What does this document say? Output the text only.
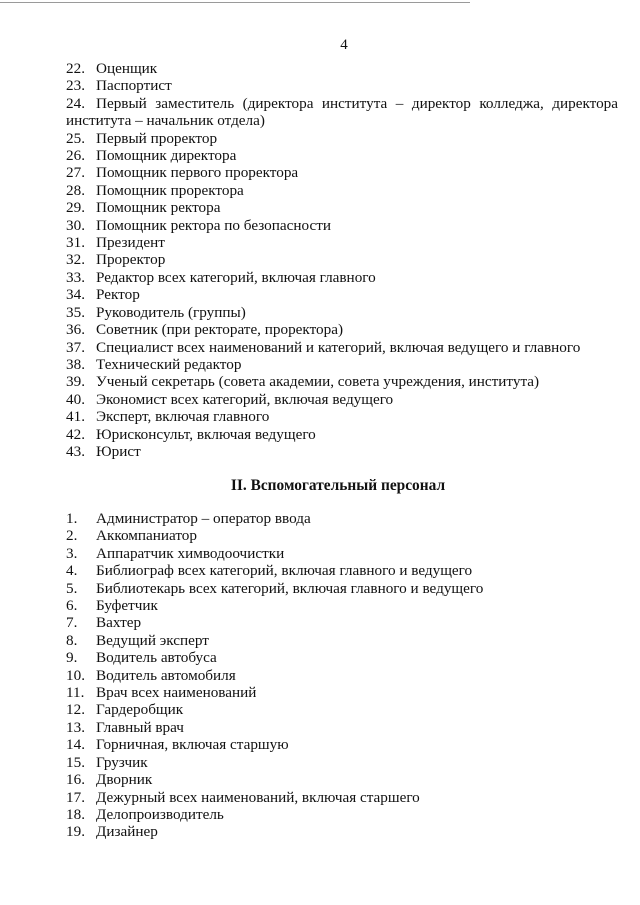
4
22. Оценщик
23. Паспортист
24. Первый заместитель (директора института – директор колледжа, директора института – начальник отдела)
25. Первый проректор
26. Помощник директора
27. Помощник первого проректора
28. Помощник проректора
29. Помощник ректора
30. Помощник ректора по безопасности
31. Президент
32. Проректор
33. Редактор всех категорий, включая главного
34. Ректор
35. Руководитель (группы)
36. Советник (при ректорате, проректора)
37. Специалист всех наименований и категорий, включая ведущего и главного
38. Технический редактор
39. Ученый секретарь (совета академии, совета учреждения, института)
40. Экономист всех категорий, включая ведущего
41. Эксперт, включая главного
42. Юрисконсульт, включая ведущего
43. Юрист
II. Вспомогательный персонал
1. Администратор – оператор ввода
2. Аккомпаниатор
3. Аппаратчик химводоочистки
4. Библиограф всех категорий, включая главного и ведущего
5. Библиотекарь всех категорий, включая главного и ведущего
6. Буфетчик
7. Вахтер
8. Ведущий эксперт
9. Водитель автобуса
10. Водитель автомобиля
11. Врач всех наименований
12. Гардеробщик
13. Главный врач
14. Горничная, включая старшую
15. Грузчик
16. Дворник
17. Дежурный всех наименований, включая старшего
18. Делопроизводитель
19. Дизайнер
